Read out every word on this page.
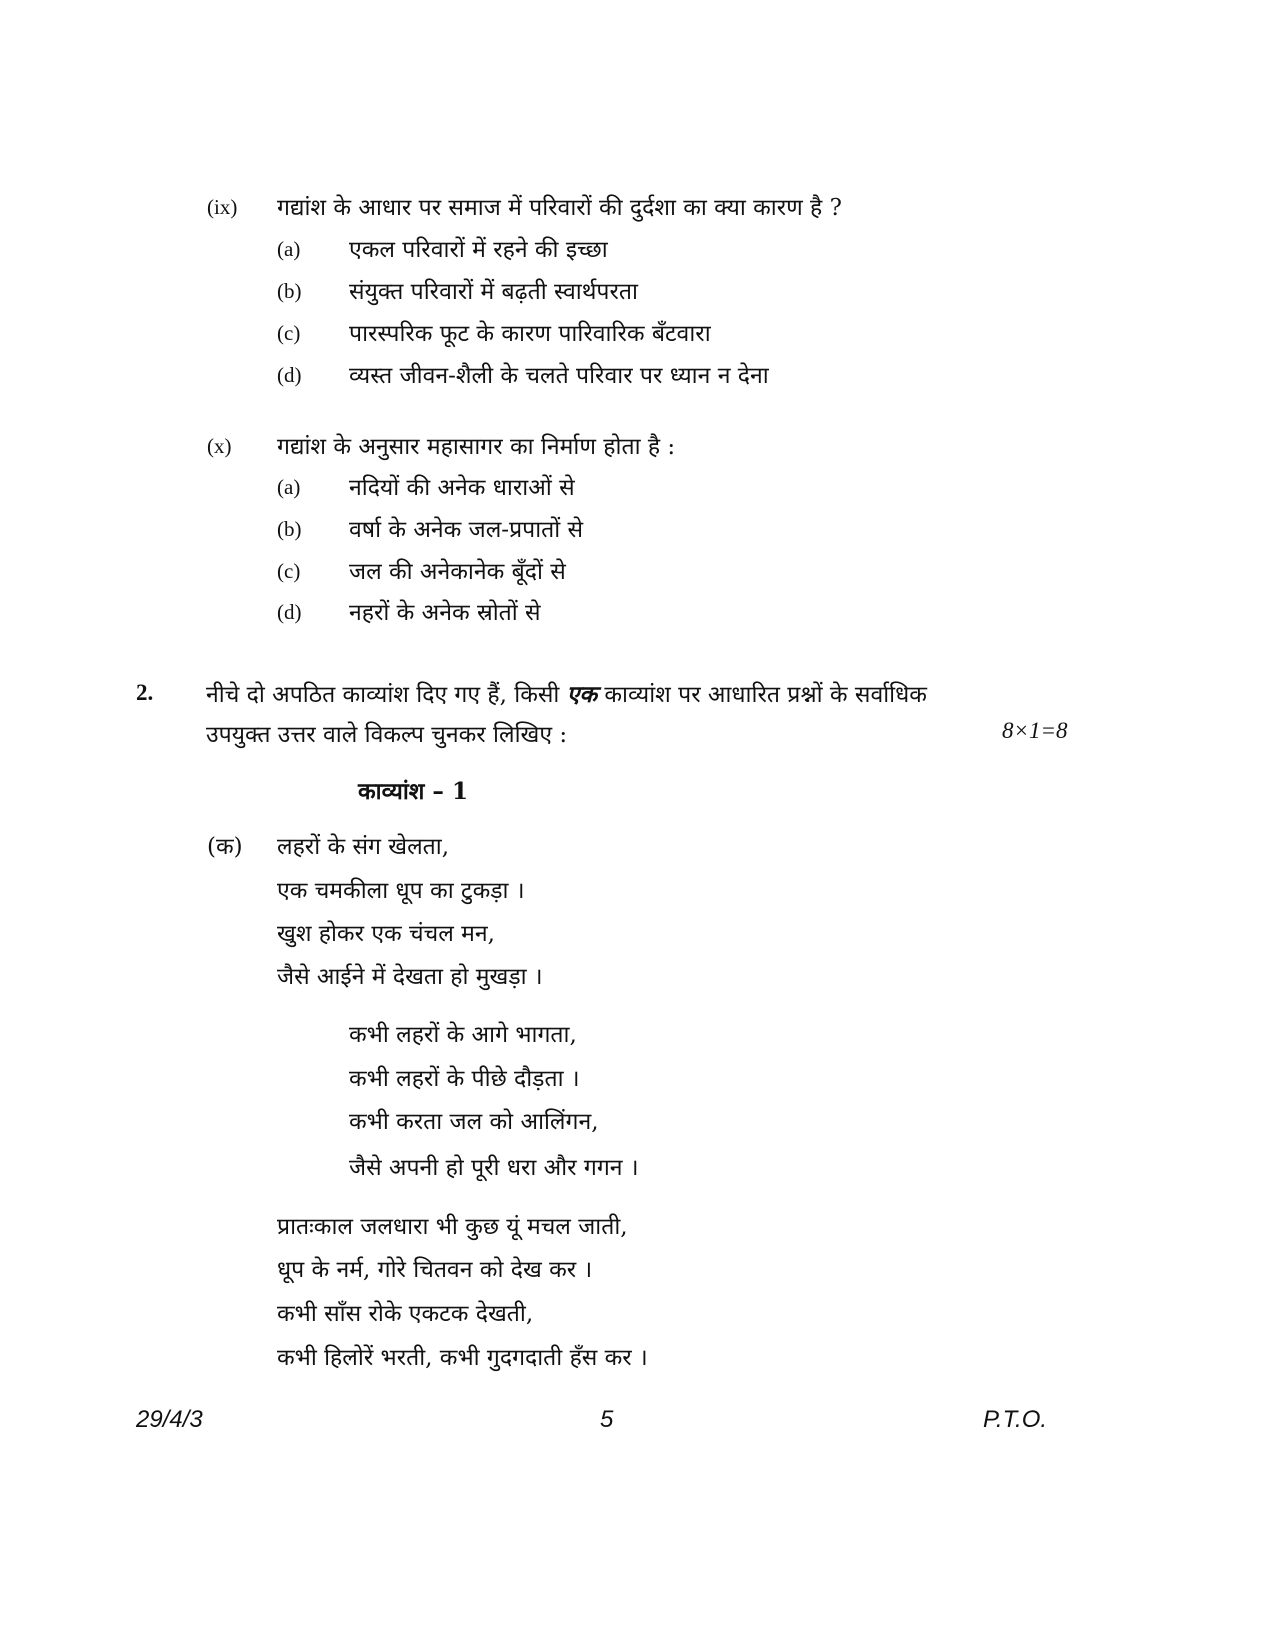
(ix) गद्यांश के आधार पर समाज में परिवारों की दुर्दशा का क्या कारण है ?
(a) एकल परिवारों में रहने की इच्छा
(b) संयुक्त परिवारों में बढ़ती स्वार्थपरता
(c) पारस्परिक फूट के कारण पारिवारिक बँटवारा
(d) व्यस्त जीवन-शैली के चलते परिवार पर ध्यान न देना
(x) गद्यांश के अनुसार महासागर का निर्माण होता है :
(a) नदियों की अनेक धाराओं से
(b) वर्षा के अनेक जल-प्रपातों से
(c) जल की अनेकानेक बूँदों से
(d) नहरों के अनेक स्रोतों से
2. नीचे दो अपठित काव्यांश दिए गए हैं, किसी एक काव्यांश पर आधारित प्रश्नों के सर्वाधिक
उपयुक्त उत्तर वाले विकल्प चुनकर लिखिए :	8×1=8
काव्यांश – 1
(क) लहरों के संग खेलता,
एक चमकीला धूप का टुकड़ा ।
खुश होकर एक चंचल मन,
जैसे आईने में देखता हो मुखड़ा ।
कभी लहरों के आगे भागता,
कभी लहरों के पीछे दौड़ता ।
कभी करता जल को आलिंगन,
जैसे अपनी हो पूरी धरा और गगन ।
प्रातःकाल जलधारा भी कुछ यूं मचल जाती,
धूप के नर्म, गोरे चितवन को देख कर ।
कभी साँस रोके एकटक देखती,
कभी हिलोरें भरती, कभी गुदगदाती हँस कर ।
29/4/3	5	P.T.O.
